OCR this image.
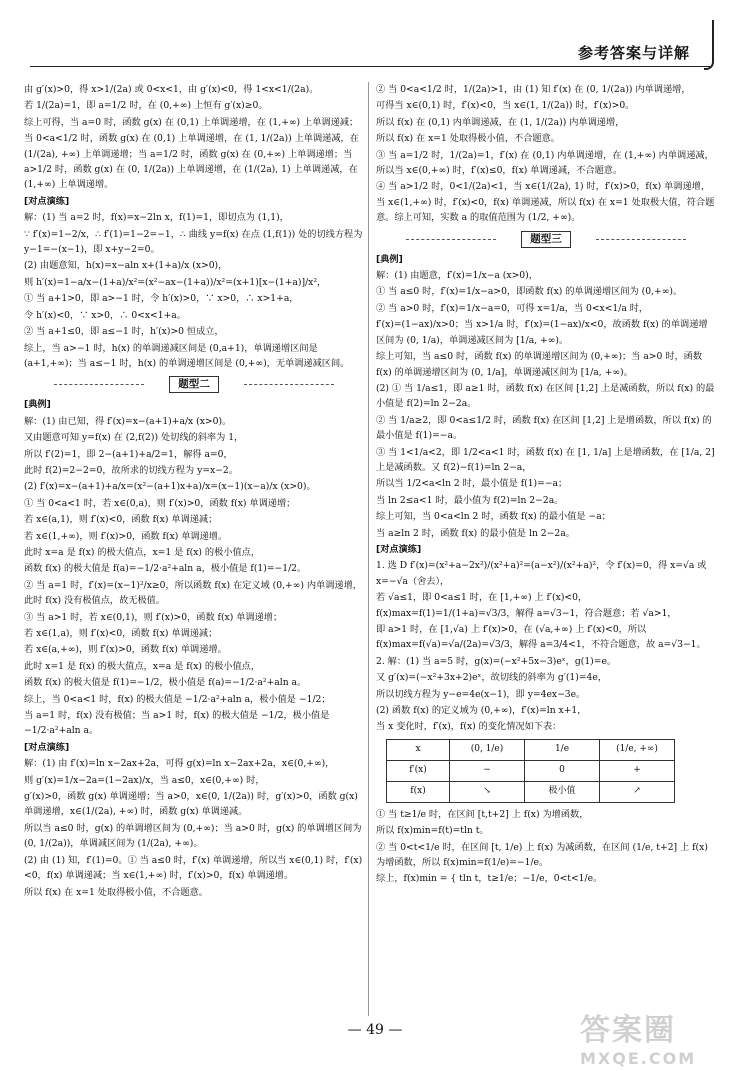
参考答案与详解

由 g′(x)>0，得 x>1/(2a) 或 0<x<1，由 g′(x)<0，得 1<x<1/(2a)。

若 1/(2a)=1，即 a=1/2 时，在 (0,+∞) 上恒有 g′(x)≥0。

综上可得，当 a=0 时，函数 g(x) 在 (0,1) 上单调递增，在 (1,+∞) 上单调递减；

当 0<a<1/2 时，函数 g(x) 在 (0,1) 上单调递增，在 (1, 1/(2a)) 上单调递减，在 (1/(2a), +∞) 上单调递增；当 a=1/2 时，函数 g(x) 在 (0,+∞) 上单调递增；当 a>1/2 时，函数 g(x) 在 (0, 1/(2a)) 上单调递增，在 (1/(2a), 1) 上单调递减，在 (1,+∞) 上单调递增。

[对点演练]

解：(1) 当 a=2 时，f(x)=x−2ln x，f(1)=1，即切点为 (1,1)，

∵ f′(x)=1−2/x，∴ f′(1)=1−2=−1，∴ 曲线 y=f(x) 在点 (1,f(1)) 处的切线方程为 y−1=−(x−1)，即 x+y−2=0。

(2) 由题意知，h(x)=x−aln x+(1+a)/x (x>0)，

则 h′(x)=1−a/x−(1+a)/x²=(x²−ax−(1+a))/x²=(x+1)[x−(1+a)]/x²，

① 当 a+1>0，即 a>−1 时，令 h′(x)>0，∵ x>0，∴ x>1+a，

令 h′(x)<0，∵ x>0，∴ 0<x<1+a。

② 当 a+1≤0，即 a≤−1 时，h′(x)>0 恒成立，

综上，当 a>−1 时，h(x) 的单调递减区间是 (0,a+1)，单调递增区间是 (a+1,+∞)；当 a≤−1 时，h(x) 的单调递增区间是 (0,+∞)，无单调递减区间。

题型二

[典例]

解：(1) 由已知，得 f′(x)=x−(a+1)+a/x (x>0)。

又由题意可知 y=f(x) 在 (2,f(2)) 处切线的斜率为 1，

所以 f′(2)=1，即 2−(a+1)+a/2=1，解得 a=0，

此时 f(2)=2−2=0，故所求的切线方程为 y=x−2。

(2) f′(x)=x−(a+1)+a/x=(x²−(a+1)x+a)/x=(x−1)(x−a)/x (x>0)。

① 当 0<a<1 时，若 x∈(0,a)，则 f′(x)>0，函数 f(x) 单调递增；

若 x∈(a,1)，则 f′(x)<0，函数 f(x) 单调递减；

若 x∈(1,+∞)，则 f′(x)>0，函数 f(x) 单调递增。

此时 x=a 是 f(x) 的极大值点，x=1 是 f(x) 的极小值点，

函数 f(x) 的极大值是 f(a)=−1/2·a²+aln a，极小值是 f(1)=−1/2。

② 当 a=1 时，f′(x)=(x−1)²/x≥0，所以函数 f(x) 在定义域 (0,+∞) 内单调递增，此时 f(x) 没有极值点，故无极值。

③ 当 a>1 时，若 x∈(0,1)，则 f′(x)>0，函数 f(x) 单调递增；

若 x∈(1,a)，则 f′(x)<0，函数 f(x) 单调递减；

若 x∈(a,+∞)，则 f′(x)>0，函数 f(x) 单调递增。

此时 x=1 是 f(x) 的极大值点，x=a 是 f(x) 的极小值点，

函数 f(x) 的极大值是 f(1)=−1/2，极小值是 f(a)=−1/2·a²+aln a。

综上，当 0<a<1 时，f(x) 的极大值是 −1/2·a²+aln a，极小值是 −1/2；

当 a=1 时，f(x) 没有极值；当 a>1 时，f(x) 的极大值是 −1/2，极小值是 −1/2·a²+aln a。

[对点演练]

解：(1) 由 f′(x)=ln x−2ax+2a，可得 g(x)=ln x−2ax+2a，x∈(0,+∞)，

则 g′(x)=1/x−2a=(1−2ax)/x，当 a≤0，x∈(0,+∞) 时，

g′(x)>0，函数 g(x) 单调递增；当 a>0，x∈(0, 1/(2a)) 时，g′(x)>0，函数 g(x) 单调递增，x∈(1/(2a), +∞) 时，函数 g(x) 单调递减。

所以当 a≤0 时，g(x) 的单调增区间为 (0,+∞)；当 a>0 时，g(x) 的单调增区间为 (0, 1/(2a))，单调减区间为 (1/(2a), +∞)。

(2) 由 (1) 知，f′(1)=0。① 当 a≤0 时，f′(x) 单调递增，所以当 x∈(0,1) 时，f′(x)<0，f(x) 单调递减；当 x∈(1,+∞) 时，f′(x)>0，f(x) 单调递增。

所以 f(x) 在 x=1 处取得极小值，不合题意。

② 当 0<a<1/2 时，1/(2a)>1，由 (1) 知 f′(x) 在 (0, 1/(2a)) 内单调递增，

可得当 x∈(0,1) 时，f′(x)<0，当 x∈(1, 1/(2a)) 时，f′(x)>0。

所以 f(x) 在 (0,1) 内单调递减，在 (1, 1/(2a)) 内单调递增，

所以 f(x) 在 x=1 处取得极小值，不合题意。

③ 当 a=1/2 时，1/(2a)=1，f′(x) 在 (0,1) 内单调递增，在 (1,+∞) 内单调递减，所以当 x∈(0,+∞) 时，f′(x)≤0，f(x) 单调递减，不合题意。

④ 当 a>1/2 时，0<1/(2a)<1，当 x∈(1/(2a), 1) 时，f′(x)>0，f(x) 单调递增，当 x∈(1,+∞) 时，f′(x)<0，f(x) 单调递减，所以 f(x) 在 x=1 处取极大值，符合题意。综上可知，实数 a 的取值范围为 (1/2, +∞)。

题型三

[典例]

解：(1) 由题意，f′(x)=1/x−a (x>0)，

① 当 a≤0 时，f′(x)=1/x−a>0，即函数 f(x) 的单调递增区间为 (0,+∞)。

② 当 a>0 时，f′(x)=1/x−a=0，可得 x=1/a，当 0<x<1/a 时，

f′(x)=(1−ax)/x>0；当 x>1/a 时，f′(x)=(1−ax)/x<0，故函数 f(x) 的单调递增区间为 (0, 1/a)，单调递减区间为 [1/a, +∞)。

综上可知，当 a≤0 时，函数 f(x) 的单调递增区间为 (0,+∞)；当 a>0 时，函数 f(x) 的单调递增区间为 (0, 1/a]，单调递减区间为 [1/a, +∞)。

(2) ① 当 1/a≤1，即 a≥1 时，函数 f(x) 在区间 [1,2] 上是减函数，所以 f(x) 的最小值是 f(2)=ln 2−2a。

② 当 1/a≥2，即 0<a≤1/2 时，函数 f(x) 在区间 [1,2] 上是增函数，所以 f(x) 的最小值是 f(1)=−a。

③ 当 1<1/a<2，即 1/2<a<1 时，函数 f(x) 在 [1, 1/a] 上是增函数，在 [1/a, 2] 上是减函数。又 f(2)−f(1)=ln 2−a，

所以当 1/2<a<ln 2 时，最小值是 f(1)=−a；

当 ln 2≤a<1 时，最小值为 f(2)=ln 2−2a。

综上可知，当 0<a<ln 2 时，函数 f(x) 的最小值是 −a；

当 a≥ln 2 时，函数 f(x) 的最小值是 ln 2−2a。

[对点演练]

1. 选 D f′(x)=(x²+a−2x²)/(x²+a)²=(a−x²)/(x²+a)²，令 f′(x)=0，得 x=√a 或 x=−√a（舍去），

若 √a≤1，即 0<a≤1 时，在 [1,+∞) 上 f′(x)<0，f(x)max=f(1)=1/(1+a)=√3/3，解得 a=√3−1，符合题意；若 √a>1，

即 a>1 时，在 [1,√a) 上 f′(x)>0，在 (√a,+∞) 上 f′(x)<0，所以 f(x)max=f(√a)=√a/(2a)=√3/3，解得 a=3/4<1，不符合题意，故 a=√3−1。

2. 解：(1) 当 a=5 时，g(x)=(−x²+5x−3)eˣ，g(1)=e。

又 g′(x)=(−x²+3x+2)eˣ，故切线的斜率为 g′(1)=4e，

所以切线方程为 y−e=4e(x−1)，即 y=4ex−3e。

(2) 函数 f(x) 的定义域为 (0,+∞)，f′(x)=ln x+1，

当 x 变化时，f′(x)，f(x) 的变化情况如下表：

x	(0, 1/e)	1/e	(1/e, +∞)
f′(x)	−	0	+
f(x)	↘	极小值	↗

① 当 t≥1/e 时，在区间 [t,t+2] 上 f(x) 为增函数，

所以 f(x)min=f(t)=tln t。

② 当 0<t<1/e 时，在区间 [t, 1/e) 上 f(x) 为减函数，在区间 (1/e, t+2] 上 f(x) 为增函数，所以 f(x)min=f(1/e)=−1/e。

综上，f(x)min = { tln t，t≥1/e；−1/e，0<t<1/e。

— 49 —	答案圈
MXQE.COM
